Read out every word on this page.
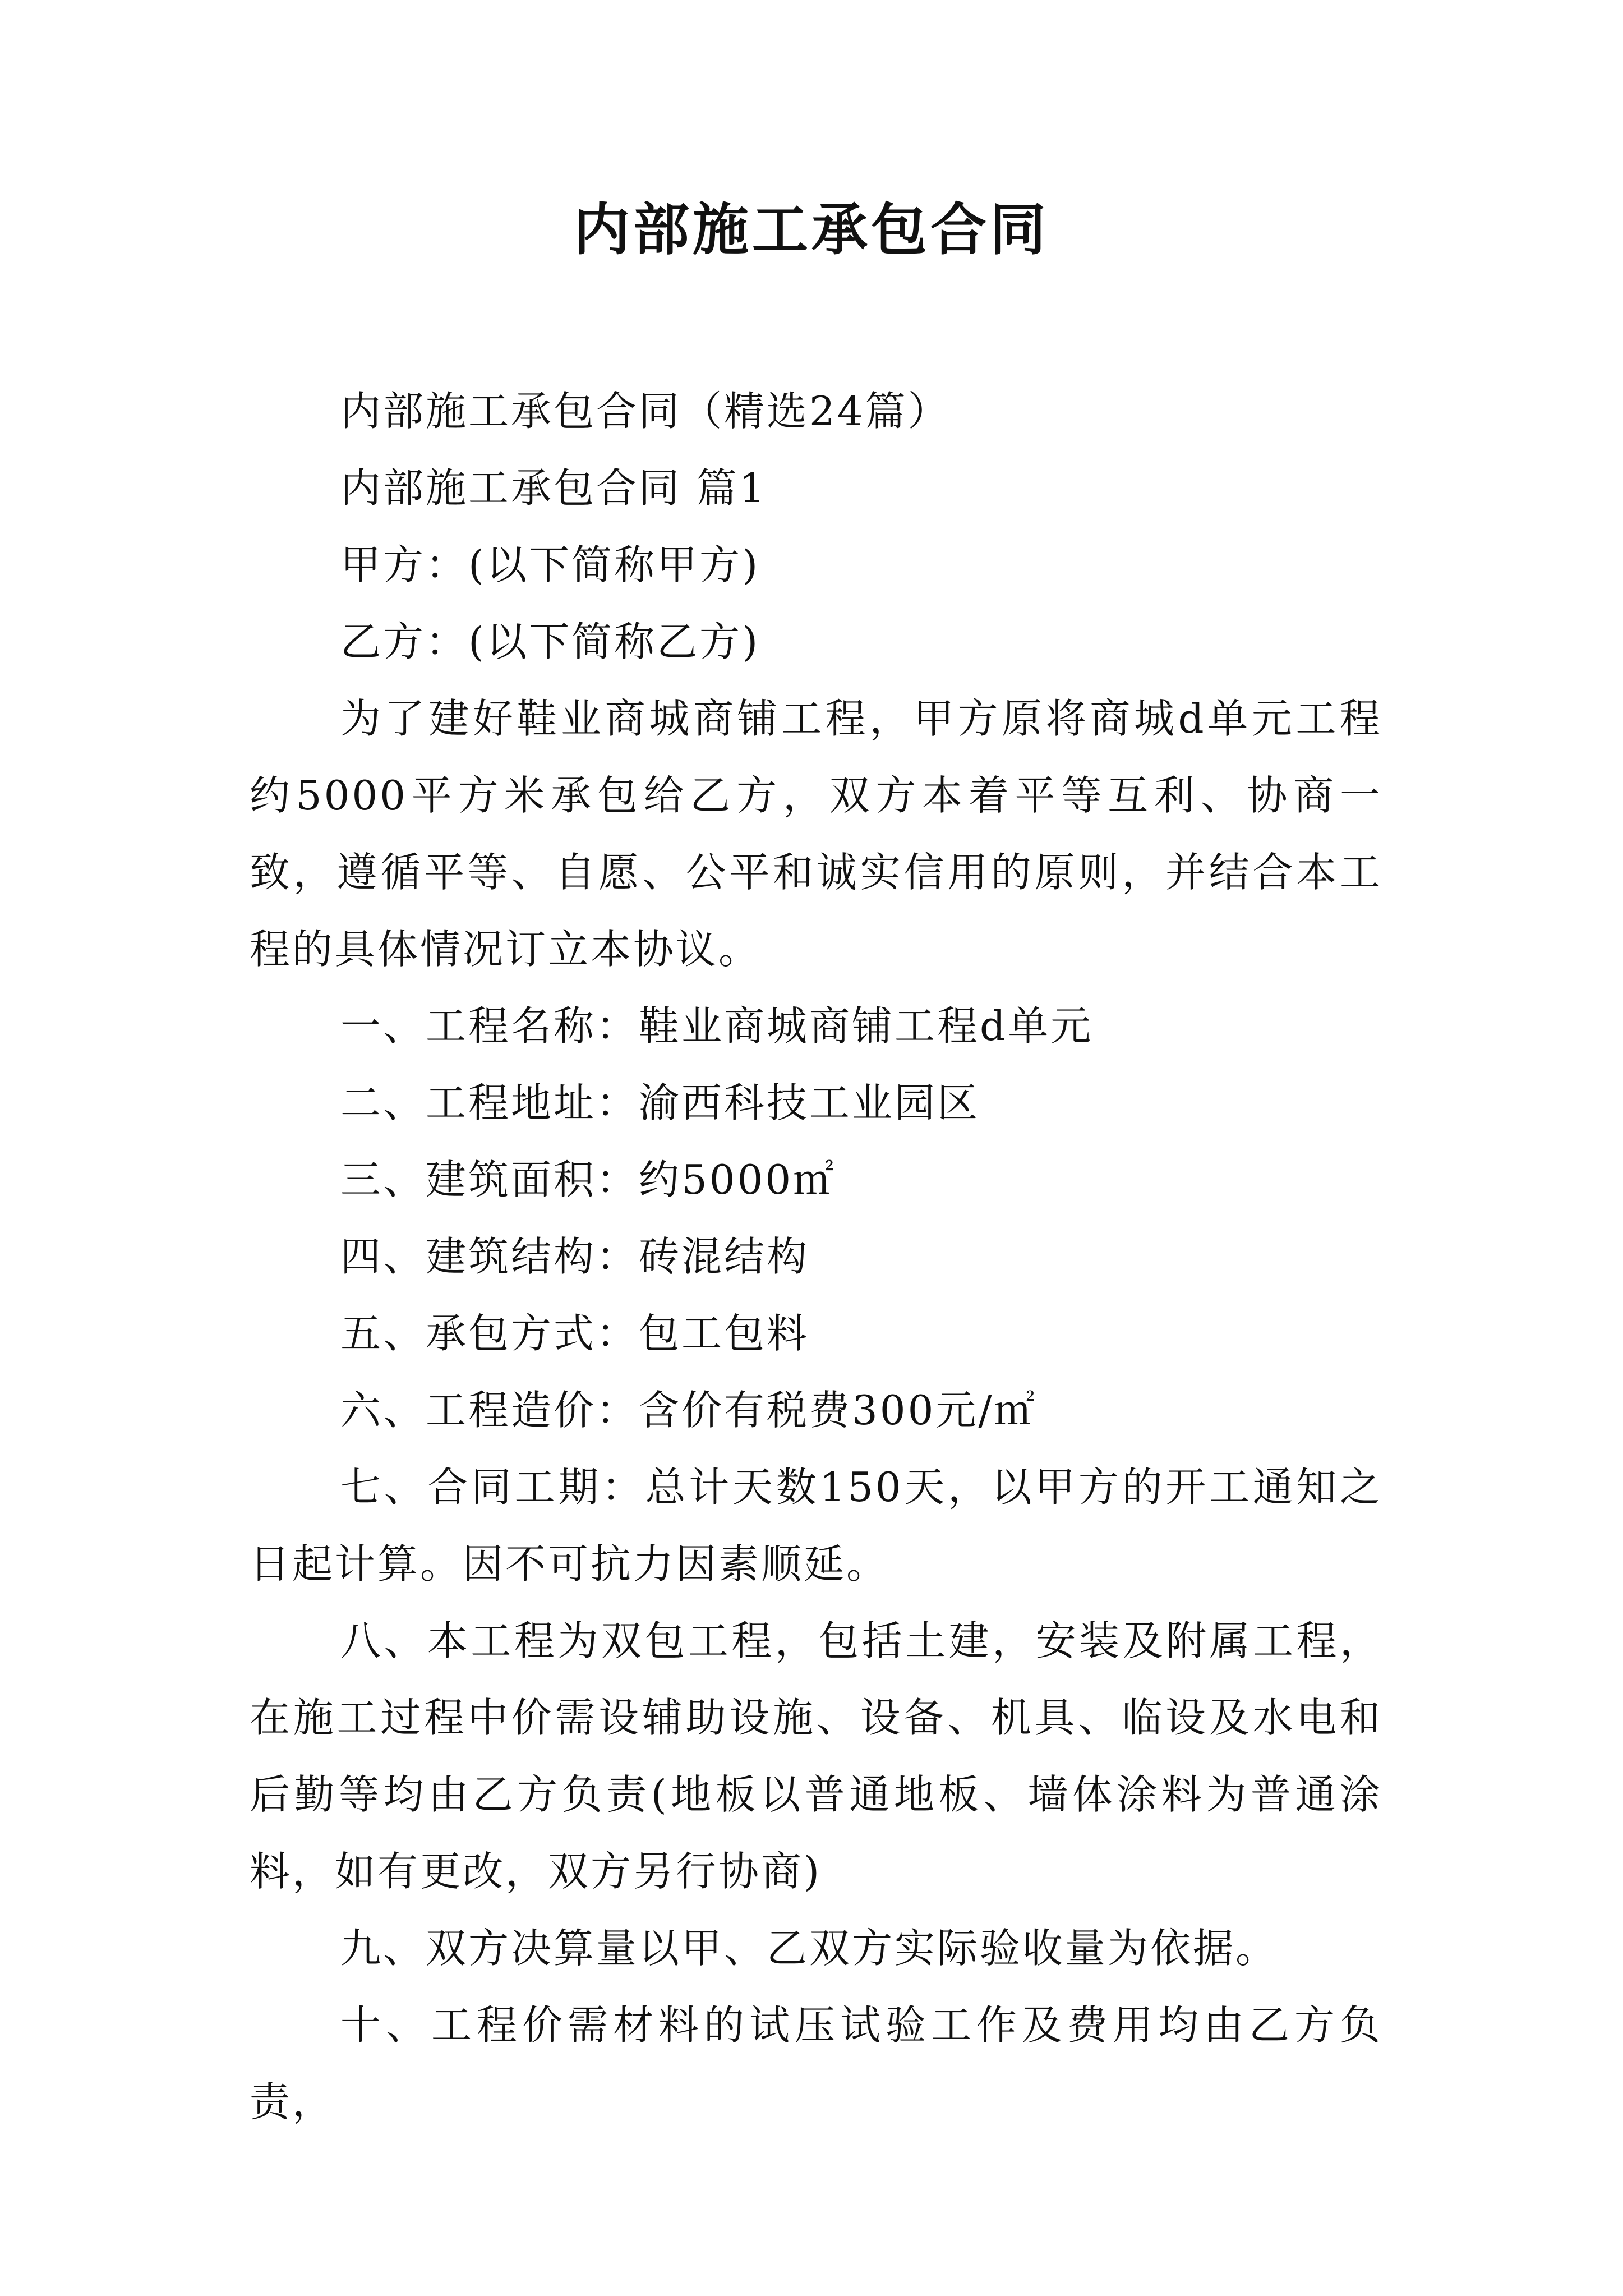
内部施工承包合同

内部施工承包合同（精选24篇）

内部施工承包合同 篇1

甲方：(以下简称甲方)

乙方：(以下简称乙方)

为了建好鞋业商城商铺工程，甲方原将商城d单元工程约5000平方米承包给乙方，双方本着平等互利、协商一致，遵循平等、自愿、公平和诚实信用的原则，并结合本工程的具体情况订立本协议。

一、工程名称：鞋业商城商铺工程d单元

二、工程地址：渝西科技工业园区

三、建筑面积：约5000㎡

四、建筑结构：砖混结构

五、承包方式：包工包料

六、工程造价：含价有税费300元/㎡

七、合同工期：总计天数150天，以甲方的开工通知之日起计算。因不可抗力因素顺延。

八、本工程为双包工程，包括土建，安装及附属工程，在施工过程中价需设辅助设施、设备、机具、临设及水电和后勤等均由乙方负责(地板以普通地板、墙体涂料为普通涂料，如有更改，双方另行协商)

九、双方决算量以甲、乙双方实际验收量为依据。

十、工程价需材料的试压试验工作及费用均由乙方负责，
